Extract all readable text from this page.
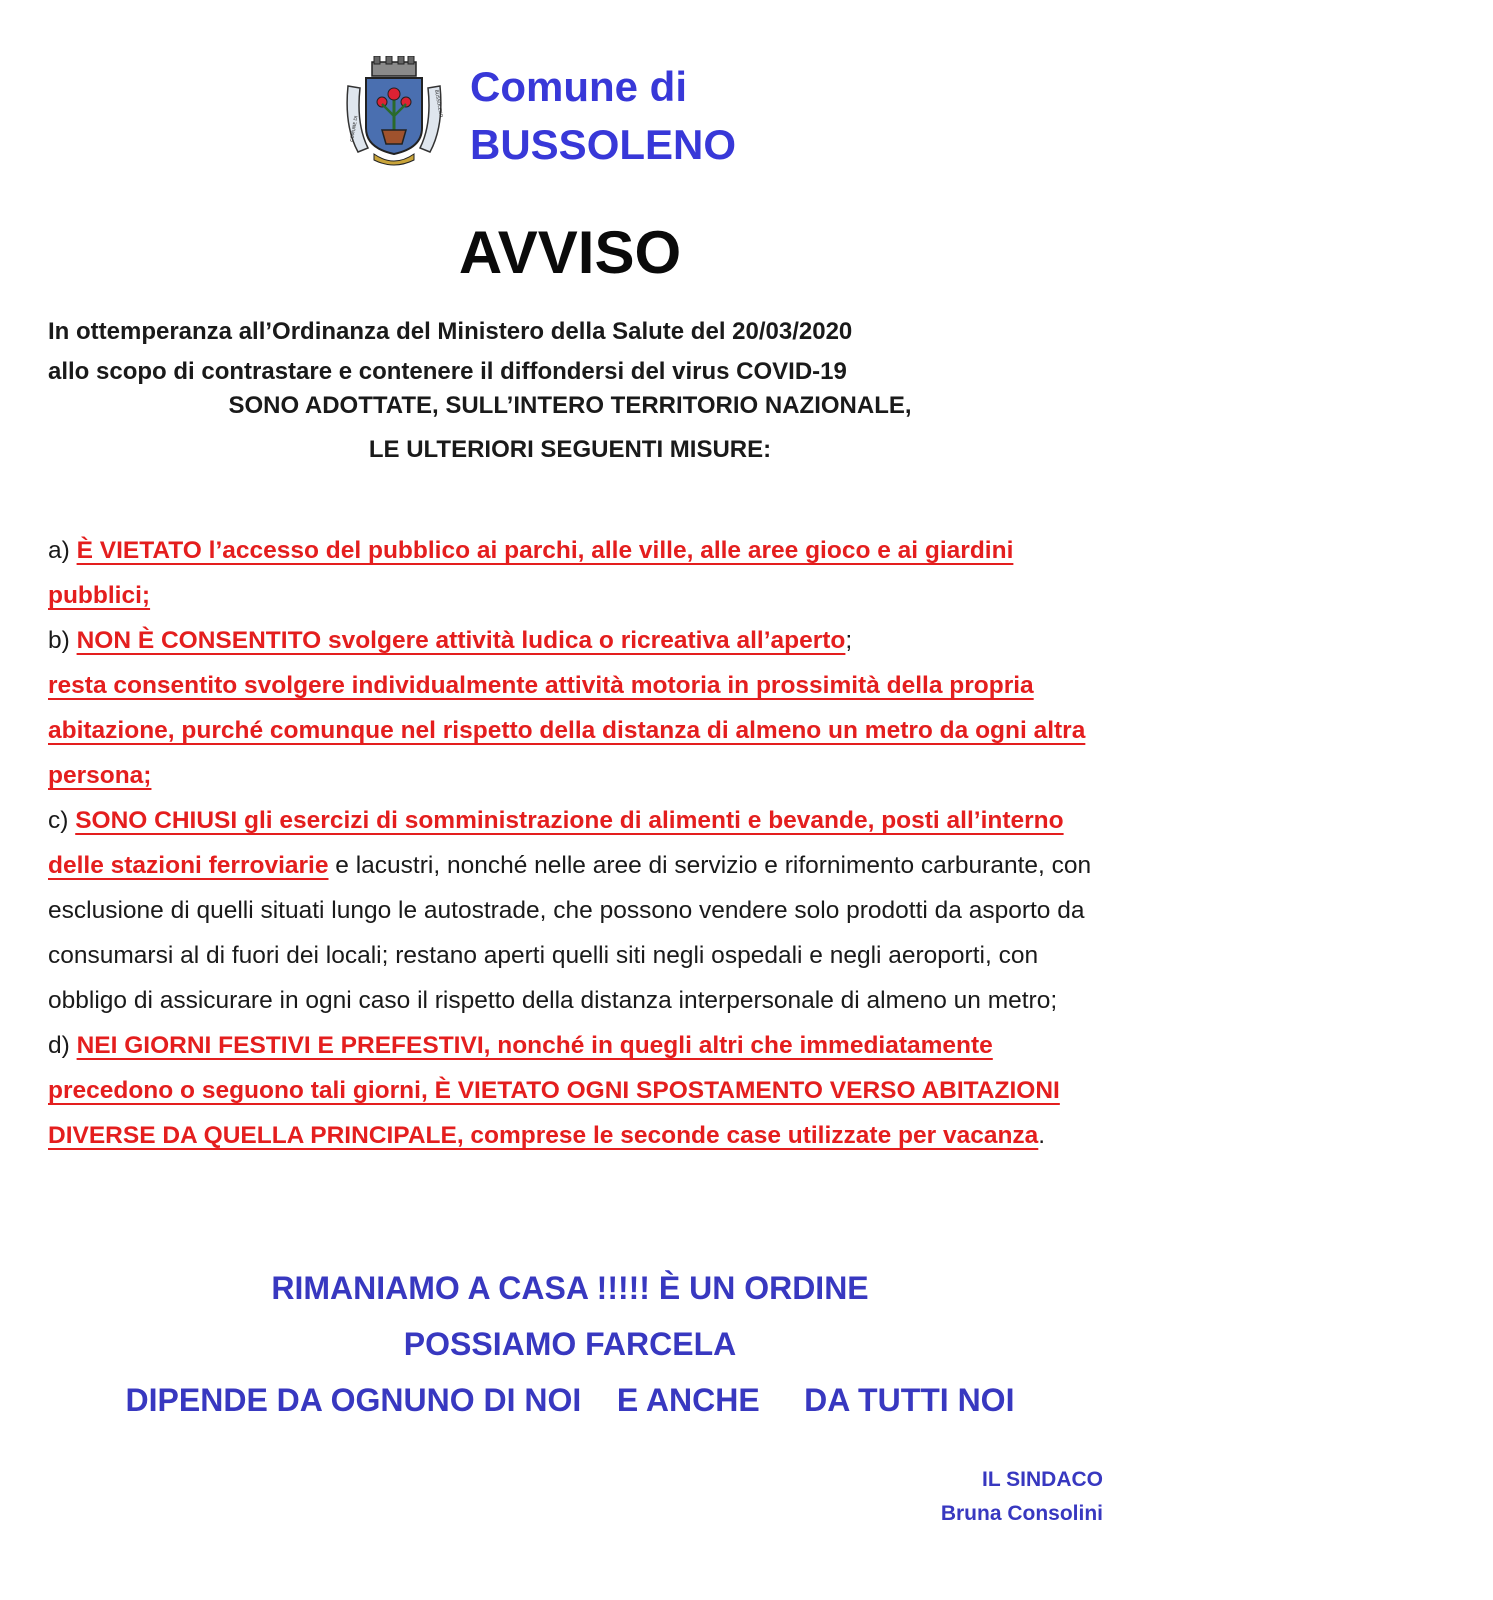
COMUNE DI
BUSSOLENO Comune di
BUSSOLENO
AVVISO
In ottemperanza all’Ordinanza del Ministero della Salute del 20/03/2020
allo scopo di contrastare e contenere il diffondersi del virus COVID-19
SONO ADOTTATE, SULL’INTERO TERRITORIO NAZIONALE,
LE ULTERIORI SEGUENTI MISURE:
a) È VIETATO l’accesso del pubblico ai parchi, alle ville, alle aree gioco e ai giardini pubblici;
b) NON È CONSENTITO svolgere attività ludica o ricreativa all’aperto;
resta consentito svolgere individualmente attività motoria in prossimità della propria abitazione, purché comunque nel rispetto della distanza di almeno un metro da ogni altra persona;
c) SONO CHIUSI gli esercizi di somministrazione di alimenti e bevande, posti all’interno delle stazioni ferroviarie e lacustri, nonché nelle aree di servizio e rifornimento carburante, con esclusione di quelli situati lungo le autostrade, che possono vendere solo prodotti da asporto da consumarsi al di fuori dei locali; restano aperti quelli siti negli ospedali e negli aeroporti, con obbligo di assicurare in ogni caso il rispetto della distanza interpersonale di almeno un metro;
d) NEI GIORNI FESTIVI E PREFESTIVI, nonché in quegli altri che immediatamente precedono o seguono tali giorni, È VIETATO OGNI SPOSTAMENTO VERSO ABITAZIONI DIVERSE DA QUELLA PRINCIPALE, comprese le seconde case utilizzate per vacanza.
RIMANIAMO A CASA !!!!! È UN ORDINE
POSSIAMO FARCELA
DIPENDE DA OGNUNO DI NOI    E ANCHE     DA TUTTI NOI
IL SINDACO
Bruna Consolini
